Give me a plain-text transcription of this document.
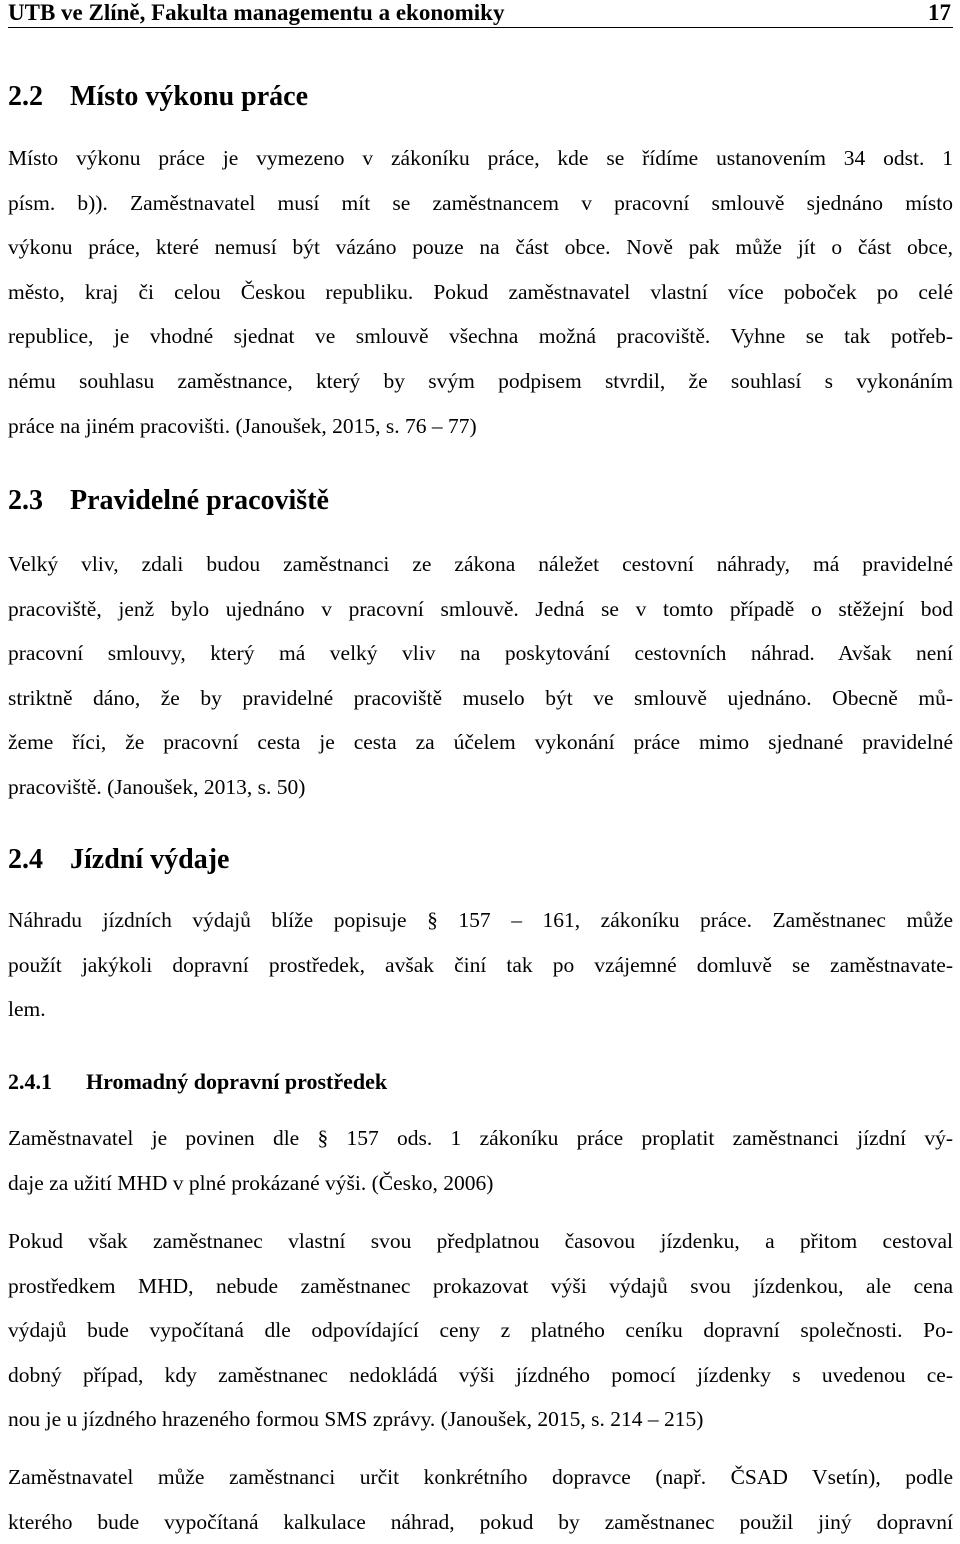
UTB ve Zlíně, Fakulta managementu a ekonomiky	17
2.2 Místo výkonu práce
Místo výkonu práce je vymezeno v zákoníku práce, kde se řídíme ustanovením 34 odst. 1
písm. b)). Zaměstnavatel musí mít se zaměstnancem v pracovní smlouvě sjednáno místo
výkonu práce, které nemusí být vázáno pouze na část obce. Nově pak může jít o část obce,
město, kraj či celou Českou republiku. Pokud zaměstnavatel vlastní více poboček po celé
republice, je vhodné sjednat ve smlouvě všechna možná pracoviště. Vyhne se tak potřeb-
nému souhlasu zaměstnance, který by svým podpisem stvrdil, že souhlasí s vykonáním
práce na jiném pracovišti. (Janoušek, 2015, s. 76 – 77)
2.3 Pravidelné pracoviště
Velký vliv, zdali budou zaměstnanci ze zákona náležet cestovní náhrady, má pravidelné
pracoviště, jenž bylo ujednáno v pracovní smlouvě. Jedná se v tomto případě o stěžejní bod
pracovní smlouvy, který má velký vliv na poskytování cestovních náhrad. Avšak není
striktně dáno, že by pravidelné pracoviště muselo být ve smlouvě ujednáno. Obecně mů-
žeme říci, že pracovní cesta je cesta za účelem vykonání práce mimo sjednané pravidelné
pracoviště. (Janoušek, 2013, s. 50)
2.4 Jízdní výdaje
Náhradu jízdních výdajů blíže popisuje § 157 – 161, zákoníku práce. Zaměstnanec může
použít jakýkoli dopravní prostředek, avšak činí tak po vzájemné domluvě se zaměstnavate-
lem.
2.4.1 Hromadný dopravní prostředek
Zaměstnavatel je povinen dle § 157 ods. 1 zákoníku práce proplatit zaměstnanci jízdní vý-
daje za užití MHD v plné prokázané výši. (Česko, 2006)
Pokud však zaměstnanec vlastní svou předplatnou časovou jízdenku, a přitom cestoval
prostředkem MHD, nebude zaměstnanec prokazovat výši výdajů svou jízdenkou, ale cena
výdajů bude vypočítaná dle odpovídající ceny z platného ceníku dopravní společnosti. Po-
dobný případ, kdy zaměstnanec nedokládá výši jízdného pomocí jízdenky s uvedenou ce-
nou je u jízdného hrazeného formou SMS zprávy. (Janoušek, 2015, s. 214 – 215)
Zaměstnavatel může zaměstnanci určit konkrétního dopravce (např. ČSAD Vsetín), podle
kterého bude vypočítaná kalkulace náhrad, pokud by zaměstnanec použil jiný dopravní
